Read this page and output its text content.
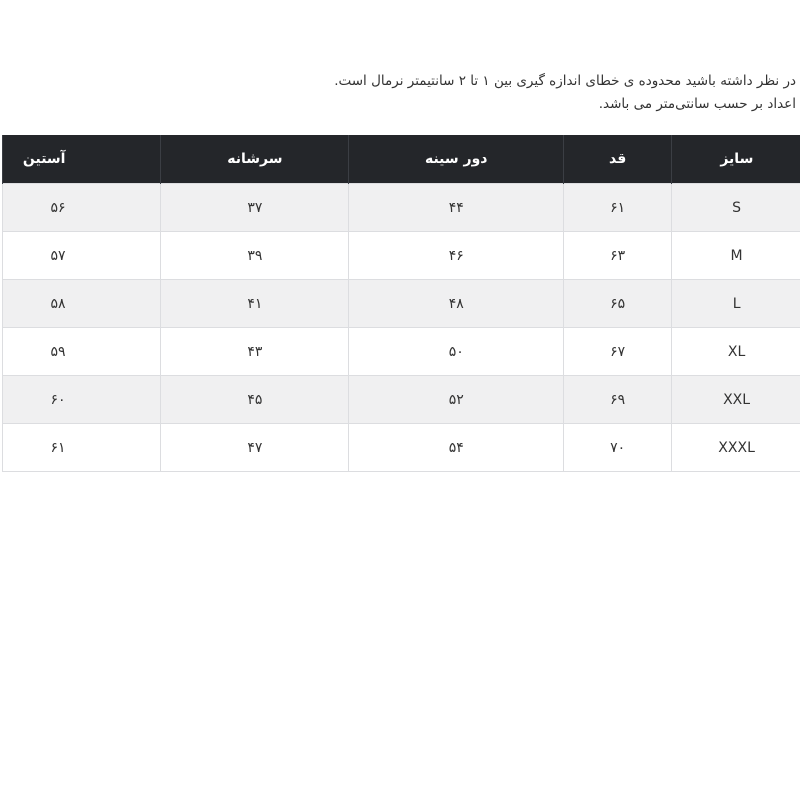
در نظر داشته باشید محدوده ی خطای اندازه گیری بین ۱ تا ۲ سانتیمتر نرمال است.

اعداد بر حسب سانتی‌متر می باشد.

سایز	قد	دور سینه	سرشانه	آستین
S	۶۱	۴۴	۳۷	۵۶
M	۶۳	۴۶	۳۹	۵۷
L	۶۵	۴۸	۴۱	۵۸
XL	۶۷	۵۰	۴۳	۵۹
XXL	۶۹	۵۲	۴۵	۶۰
XXXL	۷۰	۵۴	۴۷	۶۱
